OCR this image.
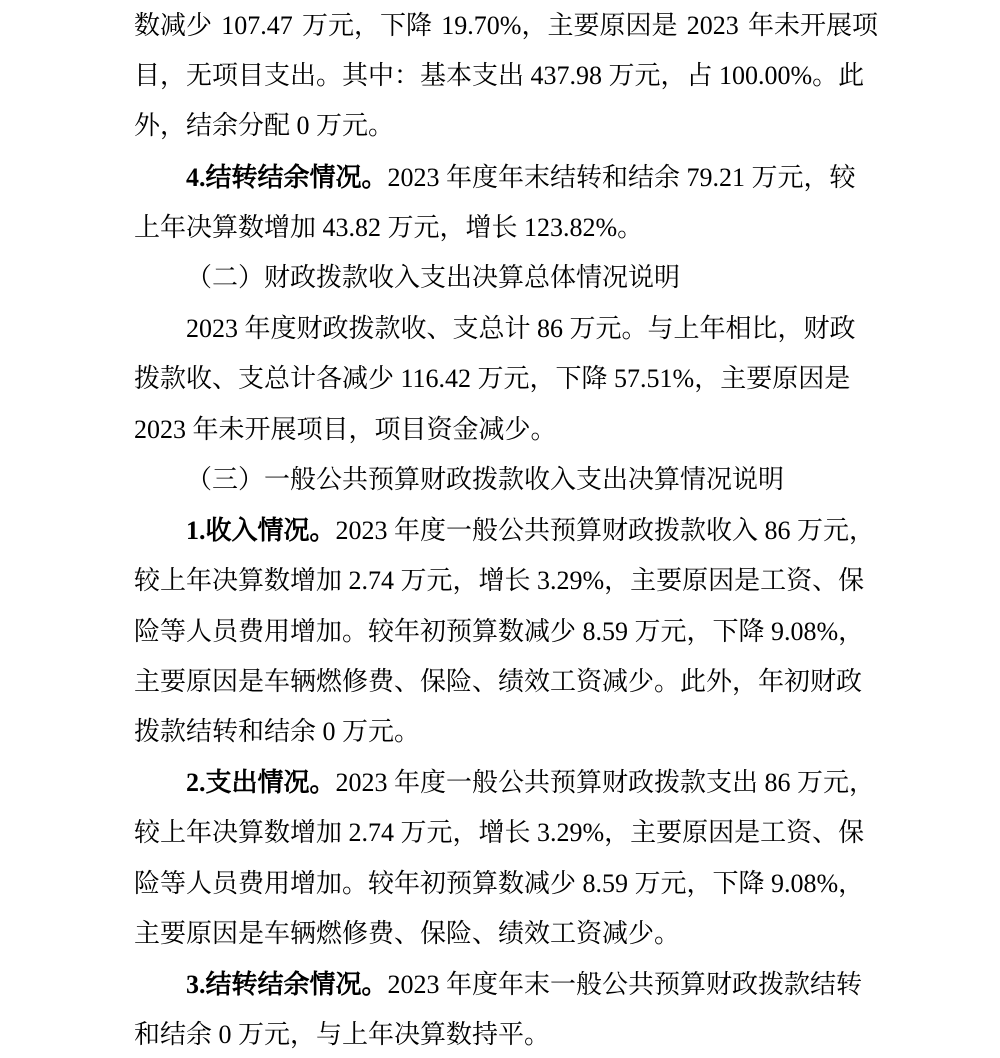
数减少 107.47 万元，下降 19.70%，主要原因是 2023 年未开展项
目，无项目支出。其中：基本支出 437.98 万元，占 100.00%。此
外，结余分配 0 万元。
4.结转结余情况。2023 年度年末结转和结余 79.21 万元，较
上年决算数增加 43.82 万元，增长 123.82%。
（二）财政拨款收入支出决算总体情况说明
2023 年度财政拨款收、支总计 86 万元。与上年相比，财政
拨款收、支总计各减少 116.42 万元，下降 57.51%，主要原因是
2023 年未开展项目，项目资金减少。
（三）一般公共预算财政拨款收入支出决算情况说明
1.收入情况。2023 年度一般公共预算财政拨款收入 86 万元，
较上年决算数增加 2.74 万元，增长 3.29%，主要原因是工资、保
险等人员费用增加。较年初预算数减少 8.59 万元，下降 9.08%，
主要原因是车辆燃修费、保险、绩效工资减少。此外，年初财政
拨款结转和结余 0 万元。
2.支出情况。2023 年度一般公共预算财政拨款支出 86 万元，
较上年决算数增加 2.74 万元，增长 3.29%，主要原因是工资、保
险等人员费用增加。较年初预算数减少 8.59 万元，下降 9.08%，
主要原因是车辆燃修费、保险、绩效工资减少。
3.结转结余情况。2023 年度年末一般公共预算财政拨款结转
和结余 0 万元，与上年决算数持平。
